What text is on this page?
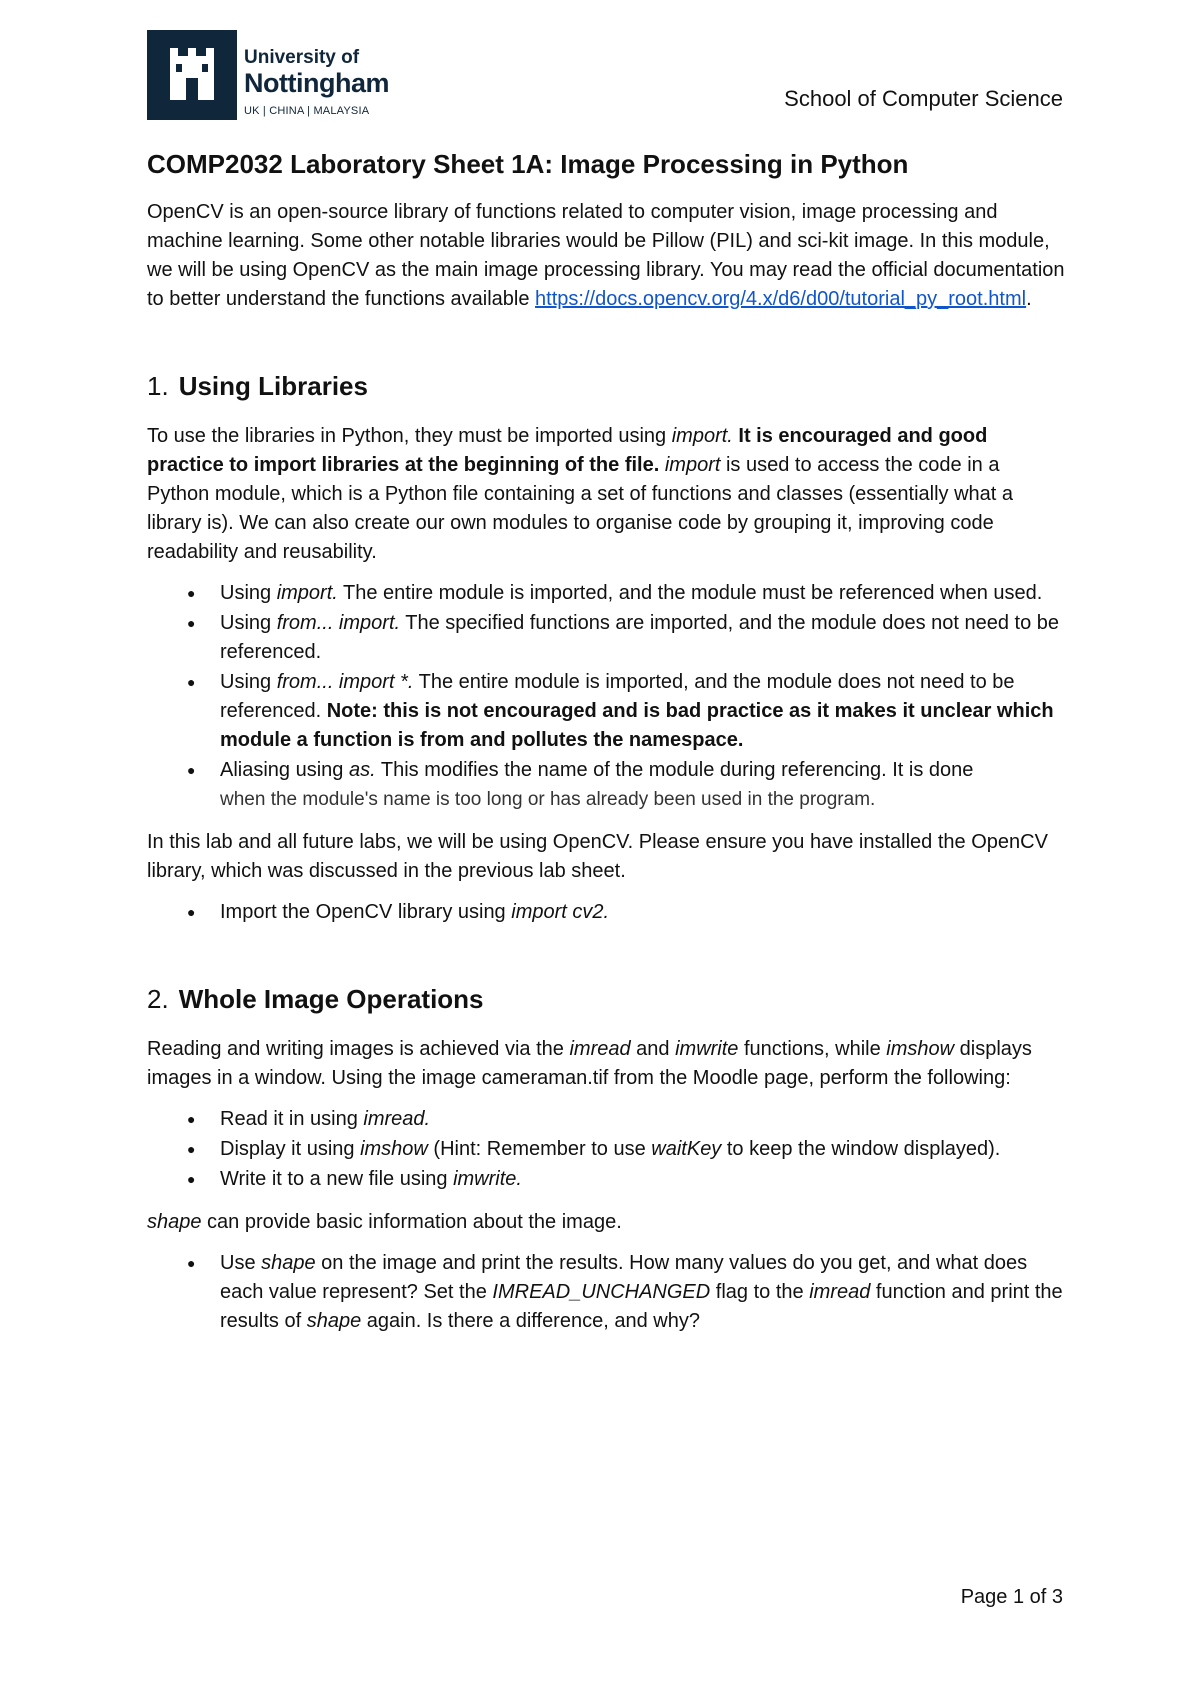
University of
Nottingham
UK | CHINA | MALAYSIA	School of Computer Science
COMP2032 Laboratory Sheet 1A: Image Processing in Python

OpenCV is an open-source library of functions related to computer vision, image processing and machine learning. Some other notable libraries would be Pillow (PIL) and sci-kit image. In this module, we will be using OpenCV as the main image processing library. You may read the official documentation to better understand the functions available https://docs.opencv.org/4.x/d6/d00/tutorial_py_root.html.

1. Using Libraries

To use the libraries in Python, they must be imported using import. It is encouraged and good practice to import libraries at the beginning of the file. import is used to access the code in a Python module, which is a Python file containing a set of functions and classes (essentially what a library is). We can also create our own modules to organise code by grouping it, improving code readability and reusability.

● Using import. The entire module is imported, and the module must be referenced when used.
● Using from... import. The specified functions are imported, and the module does not need to be referenced.
● Using from... import *. The entire module is imported, and the module does not need to be referenced. Note: this is not encouraged and is bad practice as it makes it unclear which module a function is from and pollutes the namespace.
● Aliasing using as. This modifies the name of the module during referencing. It is done
when the module's name is too long or has already been used in the program.

In this lab and all future labs, we will be using OpenCV. Please ensure you have installed the OpenCV library, which was discussed in the previous lab sheet.

● Import the OpenCV library using import cv2.
2. Whole Image Operations

Reading and writing images is achieved via the imread and imwrite functions, while imshow displays images in a window. Using the image cameraman.tif from the Moodle page, perform the following:

● Read it in using imread.
● Display it using imshow (Hint: Remember to use waitKey to keep the window displayed).
● Write it to a new file using imwrite.

shape can provide basic information about the image.

● Use shape on the image and print the results. How many values do you get, and what does each value represent? Set the IMREAD_UNCHANGED flag to the imread function and print the results of shape again. Is there a difference, and why?
Page 1 of 3
